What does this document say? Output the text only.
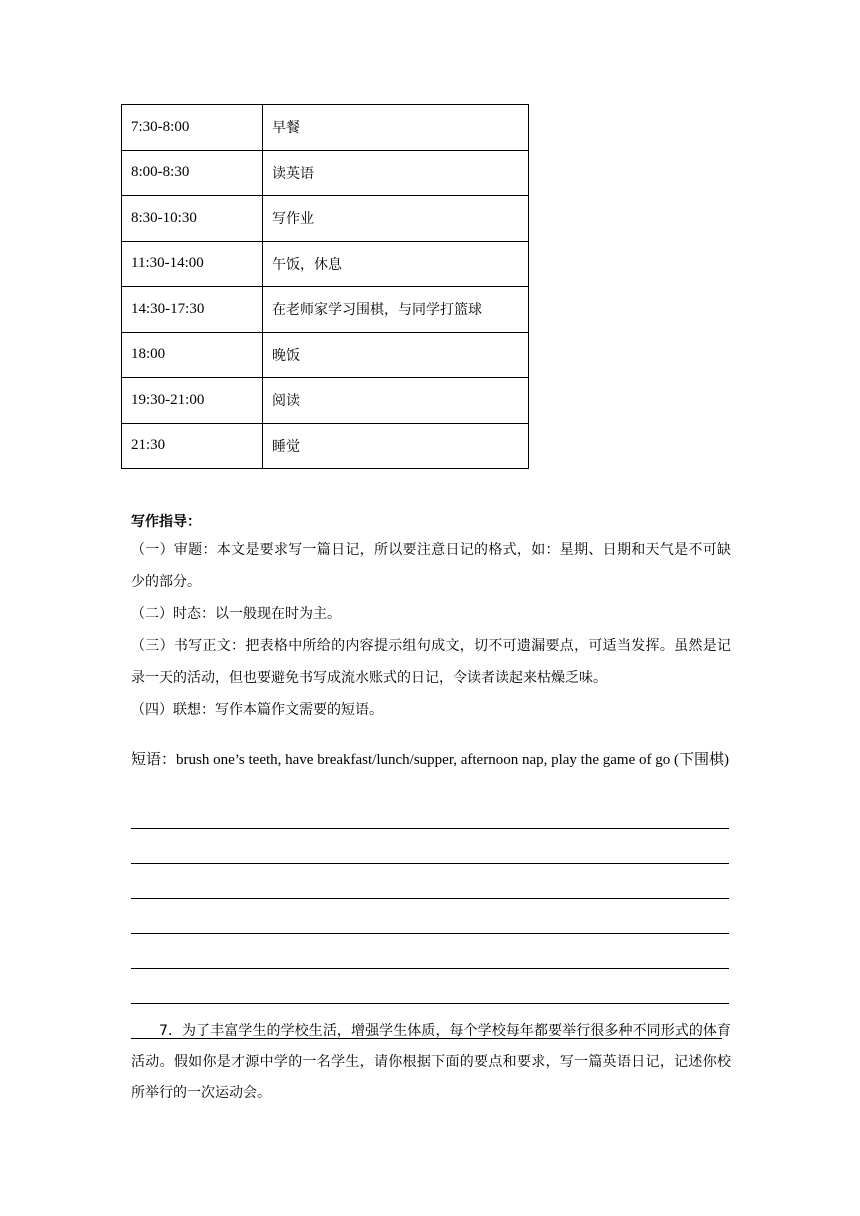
7:30-8:00	早餐
8:00-8:30	读英语
8:30-10:30	写作业
11:30-14:00	午饭，休息
14:30-17:30	在老师家学习围棋，与同学打篮球
18:00	晚饭
19:30-21:00	阅读
21:30	睡觉
写作指导：

（一）审题：本文是要求写一篇日记，所以要注意日记的格式，如：星期、日期和天气是不可缺少的部分。

（二）时态：以一般现在时为主。

（三）书写正文：把表格中所给的内容提示组句成文，切不可遗漏要点，可适当发挥。虽然是记录一天的活动，但也要避免书写成流水账式的日记，令读者读起来枯燥乏味。

（四）联想：写作本篇作文需要的短语。

短语：brush one’s teeth, have breakfast/lunch/supper, afternoon nap, play the game of go (下围棋)
7．为了丰富学生的学校生活，增强学生体质，每个学校每年都要举行很多种不同形式的体育活动。假如你是才源中学的一名学生，请你根据下面的要点和要求，写一篇英语日记，记述你校所举行的一次运动会。
